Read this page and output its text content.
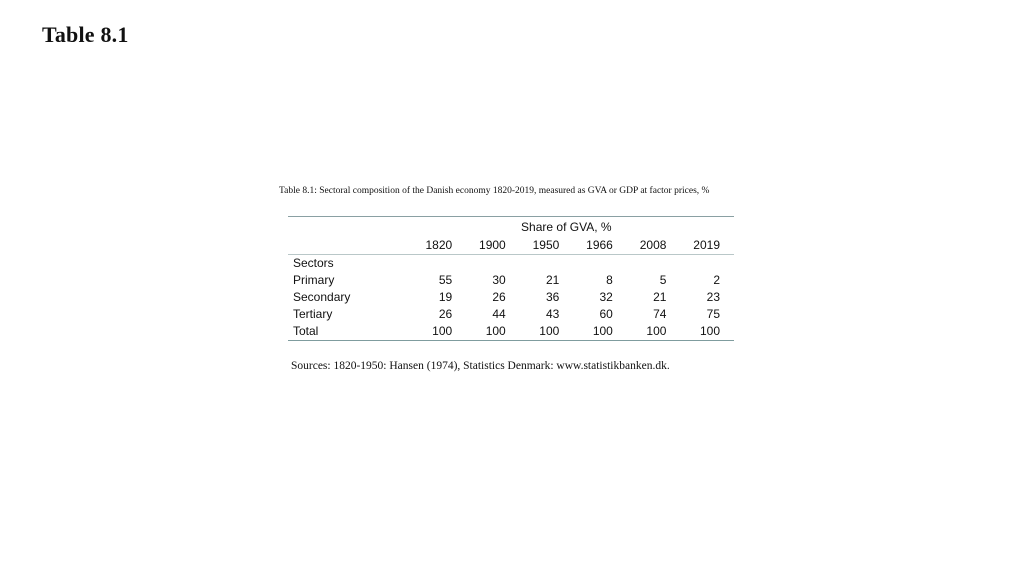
Table 8.1
Table 8.1: Sectoral composition of the Danish economy 1820-2019, measured as GVA or GDP at factor prices, %
	Share of GVA, %					
	1820	1900	1950	1966	2008	2019
Sectors						
Primary	55	30	21	8	5	2
Secondary	19	26	36	32	21	23
Tertiary	26	44	43	60	74	75
Total	100	100	100	100	100	100
Sources: 1820-1950: Hansen (1974), Statistics Denmark: www.statistikbanken.dk.
